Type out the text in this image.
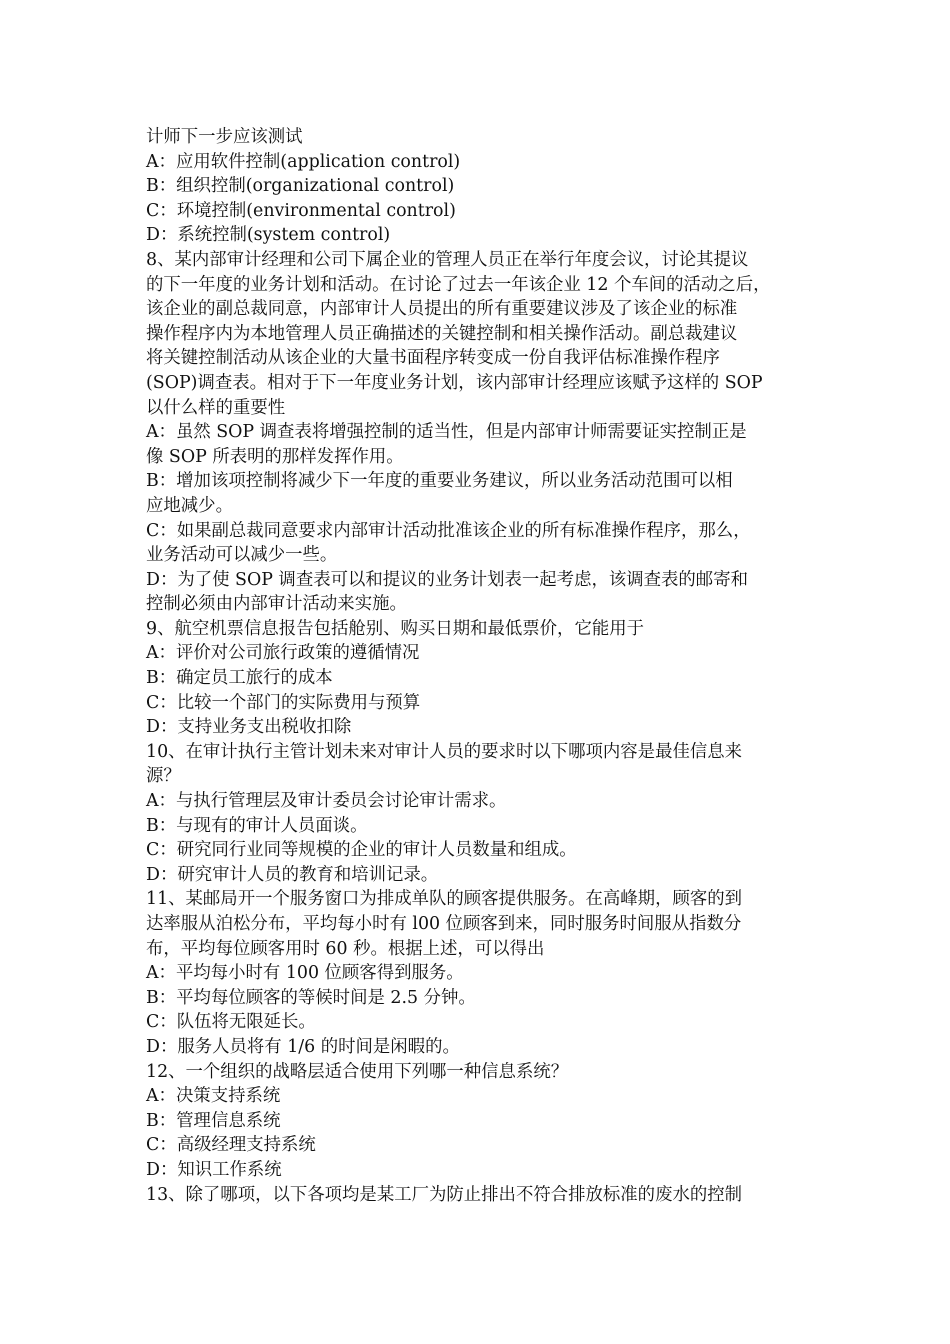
计师下一步应该测试

A：应用软件控制(application control)

B：组织控制(organizational control)

C：环境控制(environmental control)

D：系统控制(system control)

8、某内部审计经理和公司下属企业的管理人员正在举行年度会议，讨论其提议

的下一年度的业务计划和活动。在讨论了过去一年该企业 12 个车间的活动之后，

该企业的副总裁同意，内部审计人员提出的所有重要建议涉及了该企业的标准

操作程序内为本地管理人员正确描述的关键控制和相关操作活动。副总裁建议

将关键控制活动从该企业的大量书面程序转变成一份自我评估标准操作程序

(SOP)调查表。相对于下一年度业务计划，该内部审计经理应该赋予这样的 SOP

以什么样的重要性

A：虽然 SOP 调查表将增强控制的适当性，但是内部审计师需要证实控制正是

像 SOP 所表明的那样发挥作用。

B：增加该项控制将减少下一年度的重要业务建议，所以业务活动范围可以相

应地减少。

C：如果副总裁同意要求内部审计活动批准该企业的所有标准操作程序，那么，

业务活动可以减少一些。

D：为了使 SOP 调查表可以和提议的业务计划表一起考虑，该调查表的邮寄和

控制必须由内部审计活动来实施。

9、航空机票信息报告包括舱别、购买日期和最低票价，它能用于

A：评价对公司旅行政策的遵循情况

B：确定员工旅行的成本

C：比较一个部门的实际费用与预算

D：支持业务支出税收扣除

10、在审计执行主管计划未来对审计人员的要求时以下哪项内容是最佳信息来

源？

A：与执行管理层及审计委员会讨论审计需求。

B：与现有的审计人员面谈。

C：研究同行业同等规模的企业的审计人员数量和组成。

D：研究审计人员的教育和培训记录。

11、某邮局开一个服务窗口为排成单队的顾客提供服务。在高峰期，顾客的到

达率服从泊松分布，平均每小时有 l00 位顾客到来，同时服务时间服从指数分

布，平均每位顾客用时 60 秒。根据上述，可以得出

A：平均每小时有 100 位顾客得到服务。

B：平均每位顾客的等候时间是 2.5 分钟。

C：队伍将无限延长。

D：服务人员将有 1/6 的时间是闲暇的。

12、一个组织的战略层适合使用下列哪一种信息系统？

A：决策支持系统

B：管理信息系统

C：高级经理支持系统

D：知识工作系统

13、除了哪项，以下各项均是某工厂为防止排出不符合排放标准的废水的控制
